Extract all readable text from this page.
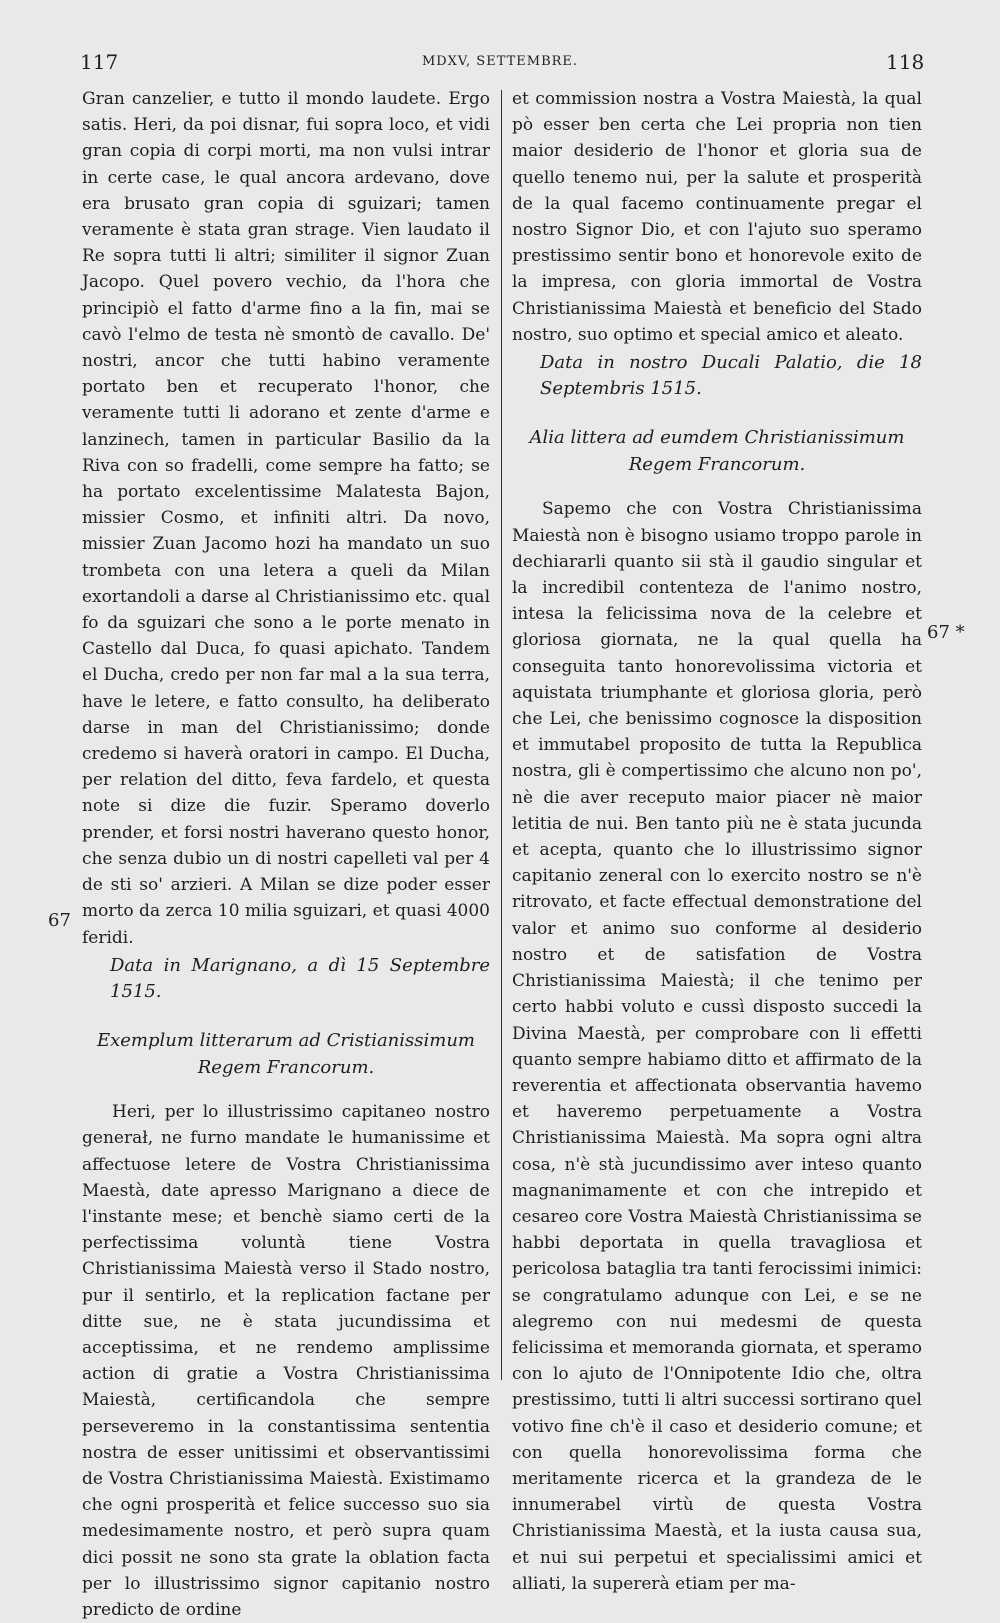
117	MDXV, SETTEMBRE.	118

Gran canzelier, e tutto il mondo laudete. Ergo satis. Heri, da poi disnar, fui sopra loco, et vidi gran copia di corpi morti, ma non vulsi intrar in certe case, le qual ancora ardevano, dove era brusato gran copia di sguizari; tamen veramente è stata gran strage. Vien laudato il Re sopra tutti li altri; similiter il signor Zuan Jacopo. Quel povero vechio, da l'hora che principiò el fatto d'arme fino a la fin, mai se cavò l'elmo de testa nè smontò de cavallo. De' nostri, ancor che tutti habino veramente portato ben et recuperato l'honor, che veramente tutti li adorano et zente d'arme e lanzinech, tamen in particular Basilio da la Riva con so fradelli, come sempre ha fatto; se ha portato excelentissime Malatesta Bajon, missier Cosmo, et infiniti altri. Da novo, missier Zuan Jacomo hozi ha mandato un suo trombeta con una letera a queli da Milan exortandoli a darse al Christianissimo etc. qual fo da sguizari che sono a le porte menato in Castello dal Duca, fo quasi apichato. Tandem el Ducha, credo per non far mal a la sua terra, have le letere, e fatto consulto, ha deliberato darse in man del Christianissimo; donde credemo si haverà oratori in campo. El Ducha, per relation del ditto, feva fardelo, et questa note si dize die fuzir. Speramo doverlo prender, et forsi nostri haverano questo honor, che senza dubio un di nostri capelleti val per 4 de sti so' arzieri. A Milan se dize poder esser morto da zerca 10 milia sguizari, et quasi 4000 feridi.

Data in Marignano, a dì 15 Septembre 1515.

Exemplum litterarum ad Cristianissimum
Regem Francorum.

Heri, per lo illustrissimo capitaneo nostro generał, ne furno mandate le humanissime et affectuose letere de Vostra Christianissima Maestà, date apresso Marignano a diece de l'instante mese; et benchè siamo certi de la perfectissima voluntà tiene Vostra Christianissima Maiestà verso il Stado nostro, pur il sentirlo, et la replication factane per ditte sue, ne è stata jucundissima et acceptissima, et ne rendemo amplissime action di gratie a Vostra Christianissima Maiestà, certificandola che sempre perseveremo in la constantissima sententia nostra de esser unitissimi et observantissimi de Vostra Christianissima Maiestà. Existimamo che ogni prosperità et felice successo suo sia medesimamente nostro, et però supra quam dici possit ne sono sta grate la oblation facta per lo illustrissimo signor capitanio nostro predicto de ordine

et commission nostra a Vostra Maiestà, la qual pò esser ben certa che Lei propria non tien maior desiderio de l'honor et gloria sua de quello tenemo nui, per la salute et prosperità de la qual facemo continuamente pregar el nostro Signor Dio, et con l'ajuto suo speramo prestissimo sentir bono et honorevole exito de la impresa, con gloria immortal de Vostra Christianissima Maiestà et beneficio del Stado nostro, suo optimo et special amico et aleato.

Data in nostro Ducali Palatio, die 18 Septembris 1515.

Alia littera ad eumdem Christianissimum
Regem Francorum.

Sapemo che con Vostra Christianissima Maiestà non è bisogno usiamo troppo parole in dechiararli quanto sii stà il gaudio singular et la incredibil contenteza de l'animo nostro, intesa la felicissima nova de la celebre et gloriosa giornata, ne la qual quella ha conseguita tanto honorevolissima victoria et aquistata triumphante et gloriosa gloria, però che Lei, che benissimo cognosce la disposition et immutabel proposito de tutta la Republica nostra, gli è compertissimo che alcuno non po', nè die aver receputo maior piacer nè maior letitia de nui. Ben tanto più ne è stata jucunda et acepta, quanto che lo illustrissimo signor capitanio zeneral con lo exercito nostro se n'è ritrovato, et facte effectual demonstratione del valor et animo suo conforme al desiderio nostro et de satisfation de Vostra Christianissima Maiestà; il che tenimo per certo habbi voluto e cussì disposto succedi la Divina Maestà, per comprobare con li effetti quanto sempre habiamo ditto et affirmato de la reverentia et affectionata observantia havemo et haveremo perpetuamente a Vostra Christianissima Maiestà. Ma sopra ogni altra cosa, n'è stà jucundissimo aver inteso quanto magnanimamente et con che intrepido et cesareo core Vostra Maiestà Christianissima se habbi deportata in quella travagliosa et pericolosa bataglia tra tanti ferocissimi inimici: se congratulamo adunque con Lei, e se ne alegremo con nui medesmi de questa felicissima et memoranda giornata, et speramo con lo ajuto de l'Onnipotente Idio che, oltra prestissimo, tutti li altri successi sortirano quel votivo fine ch'è il caso et desiderio comune; et con quella honorevolissima forma che meritamente ricerca et la grandeza de le innumerabel virtù de questa Vostra Christianissima Maestà, et la iusta causa sua, et nui sui perpetui et specialissimi amici et alliati, la supererà etiam per ma-

67
67 *
